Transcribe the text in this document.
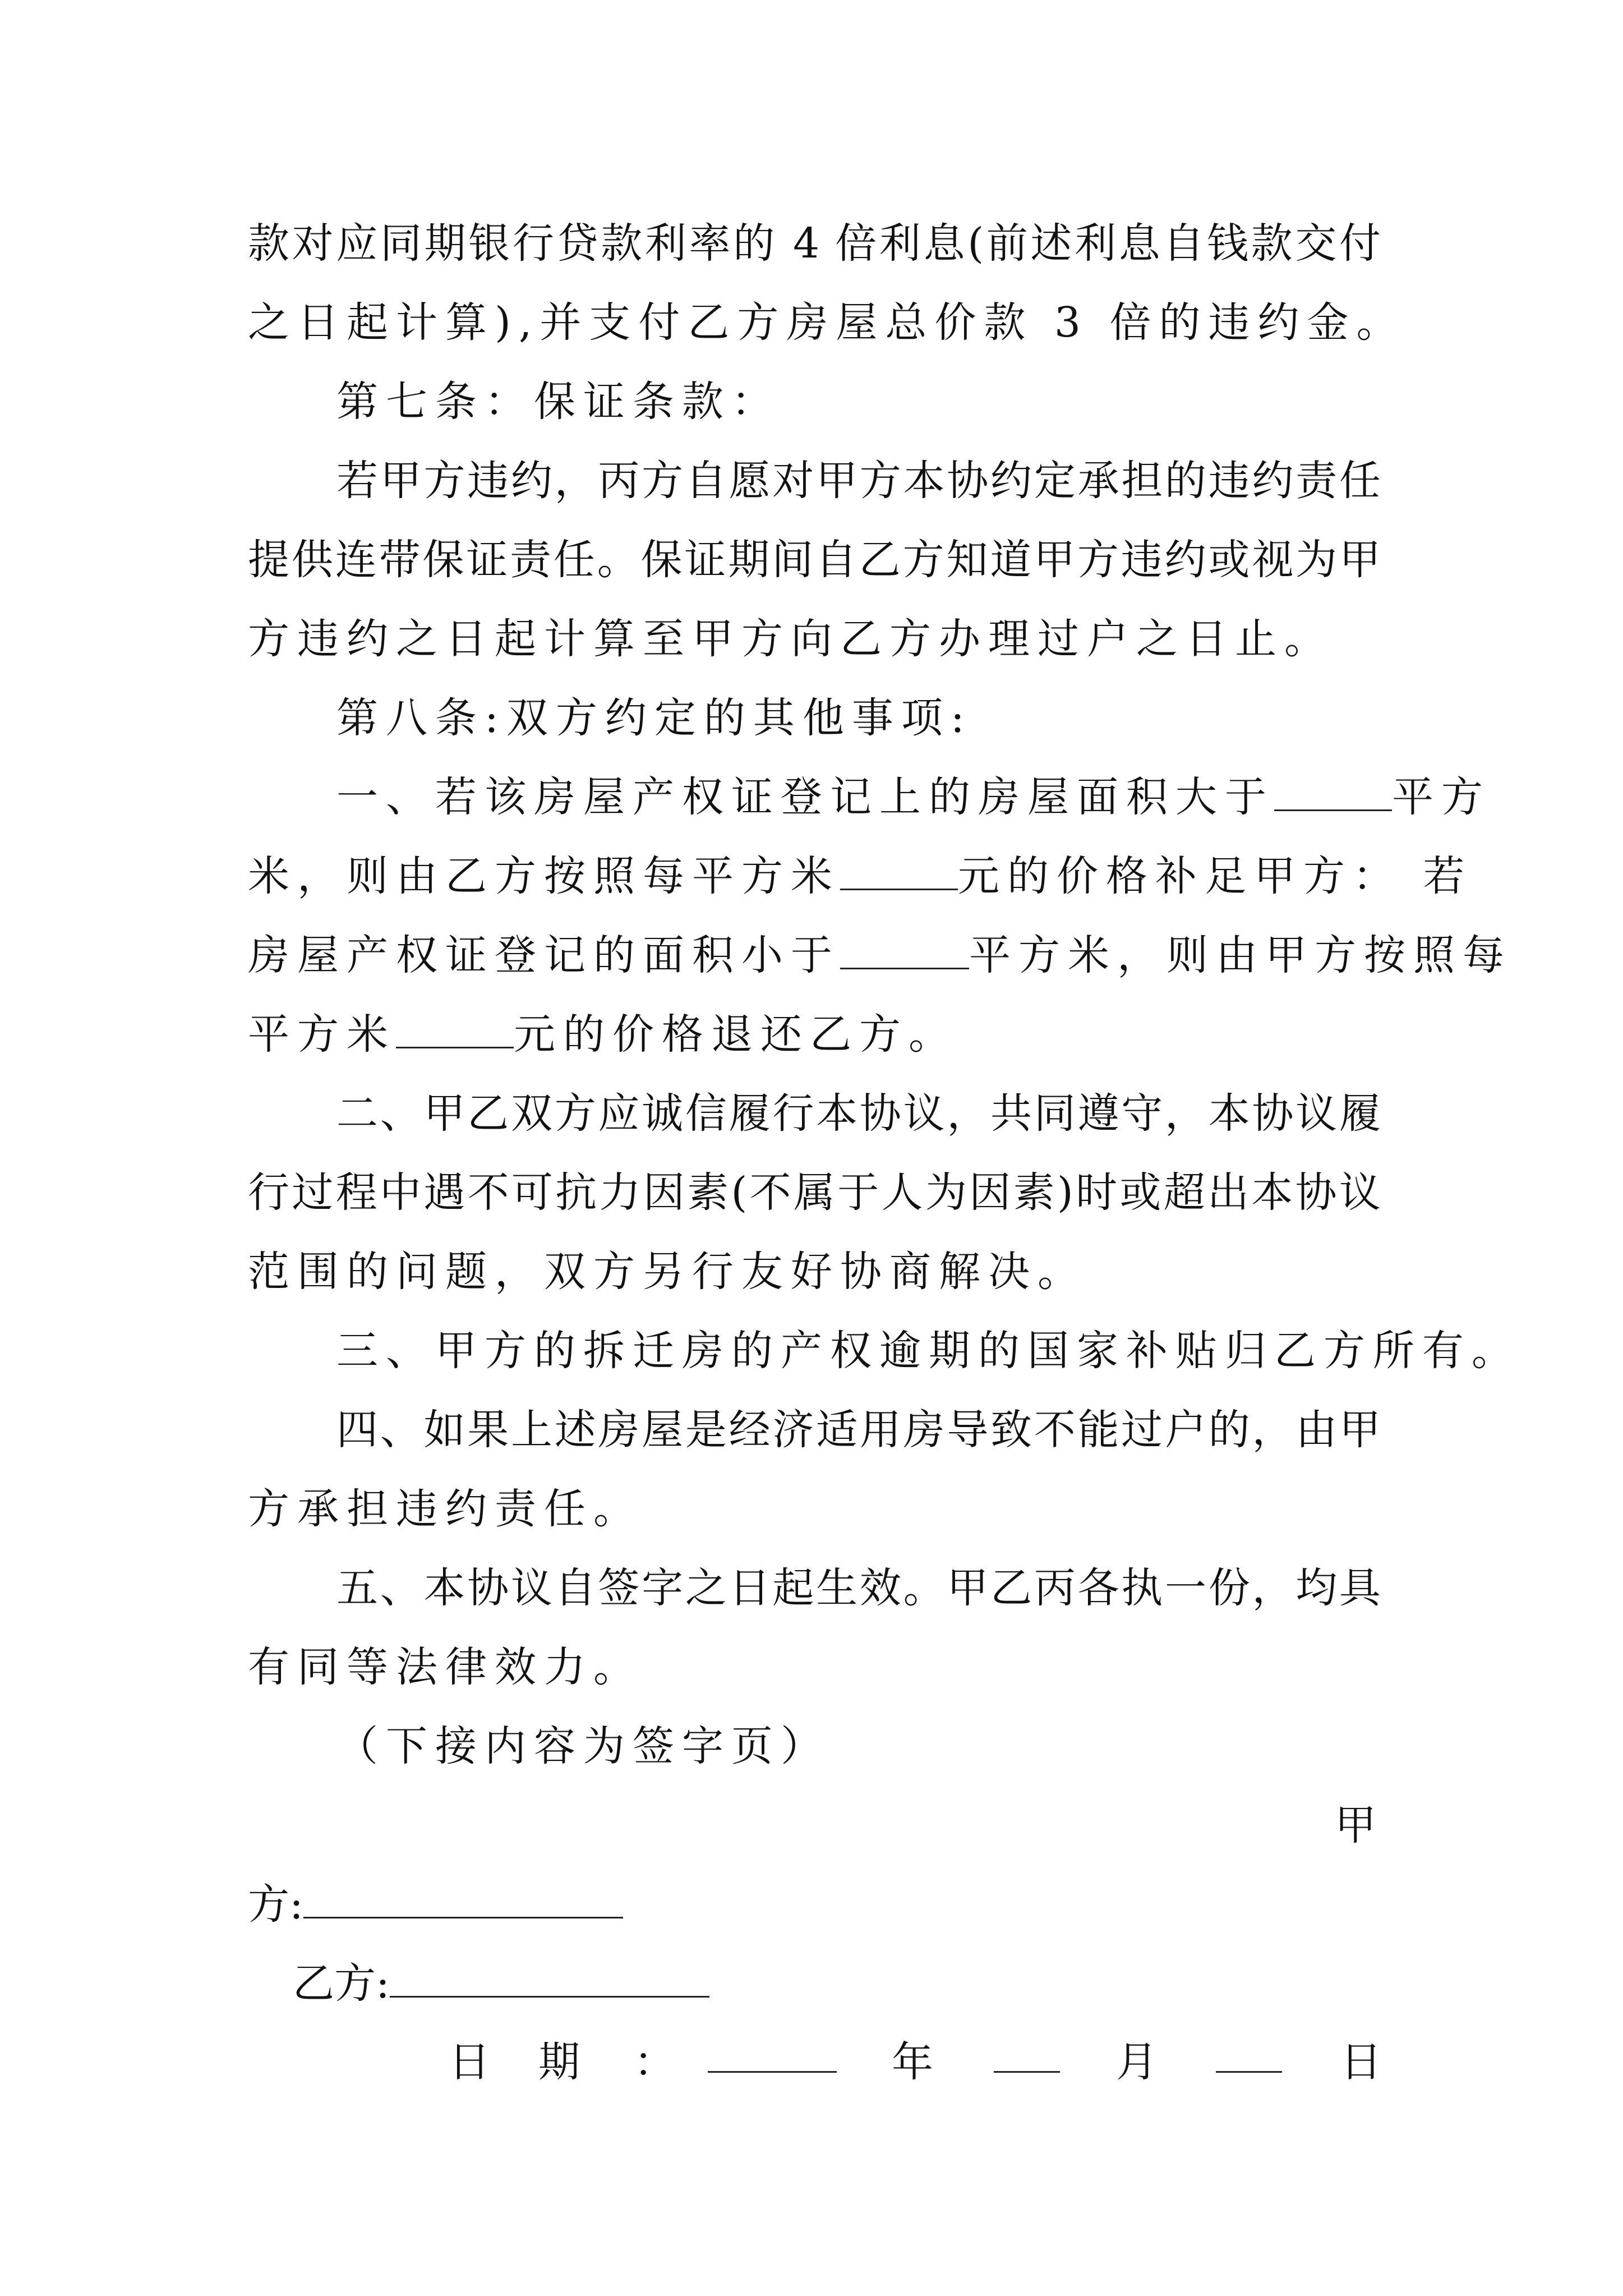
款对应同期银行贷款利率的 4 倍利息(前述利息自钱款交付
之日起计算),并支付乙方房屋总价款 3 倍的违约金。
第七条：保证条款：
若甲方违约，丙方自愿对甲方本协约定承担的违约责任
提供连带保证责任。保证期间自乙方知道甲方违约或视为甲
方违约之日起计算至甲方向乙方办理过户之日止。
第八条:双方约定的其他事项:
一、若该房屋产权证登记上的房屋面积大于	平方
米，则由乙方按照每平方米	元的价格补足甲方： 若
房屋产权证登记的面积小于	平方米，则由甲方按照每
平方米	元的价格退还乙方。
二、甲乙双方应诚信履行本协议，共同遵守，本协议履
行过程中遇不可抗力因素(不属于人为因素)时或超出本协议
范围的问题，双方另行友好协商解决。
三、甲方的拆迁房的产权逾期的国家补贴归乙方所有。
四、如果上述房屋是经济适用房导致不能过户的，由甲
方承担违约责任。
五、本协议自签字之日起生效。甲乙丙各执一份，均具
有同等法律效力。
（下接内容为签字页）
甲
方:
乙方:
日 期 ：	年	月	日
